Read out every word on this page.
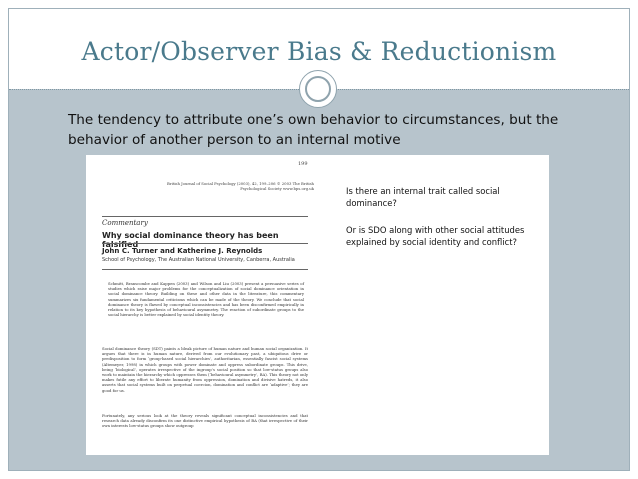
Actor/Observer Bias & Reductionism
The tendency to attribute one’s own behavior to circumstances, but the behavior of another person to an internal motive
199
British Journal of Social Psychology (2003), 42, 199–206 © 2003 The British Psychological Society www.bps.org.uk
Commentary
Why social dominance theory has been falsified
John C. Turner and Katherine J. Reynolds
School of Psychology, The Australian National University, Canberra, Australia
Schmitt, Branscombe and Kappen (2003) and Wilson and Liu (2003) present a persuasive series of studies which raise major problems for the conceptualization of social dominance orientation in social dominance theory. Building on these and other data in the literature, this commentary summarizes six fundamental criticisms which can be made of the theory. We conclude that social dominance theory is flawed by conceptual inconsistencies and has been disconfirmed empirically in relation to its key hypothesis of behavioural asymmetry. The reaction of subordinate groups to the social hierarchy is better explained by social identity theory.
Social dominance theory (SDT) paints a bleak picture of human nature and human social organization. It argues that there is in human nature, derived from our evolutionary past, a ubiquitous drive or predisposition to form ‘group-based social hierarchies’, authoritarian, essentially fascist social systems (Altemeyer, 1998) in which groups with power dominate and oppress subordinate groups. This drive, being ‘biological’, operates irrespective of the ingroup’s social position so that low-status groups also work to maintain the hierarchy which oppresses them (‘behavioural asymmetry’, BA). This theory not only makes futile any effort to liberate humanity from oppression, domination and divisive hatreds, it also asserts that social systems built on perpetual coercion, domination and conflict are ‘adaptive’; they are good for us.
Fortunately, any serious look at the theory reveals significant conceptual inconsistencies and that research data already disconfirm its one distinctive empirical hypothesis of BA (that irrespective of their own interests low-status groups show outgroup

Is there an internal trait called social dominance?

Or is SDO along with other social attitudes explained by social identity and conflict?
